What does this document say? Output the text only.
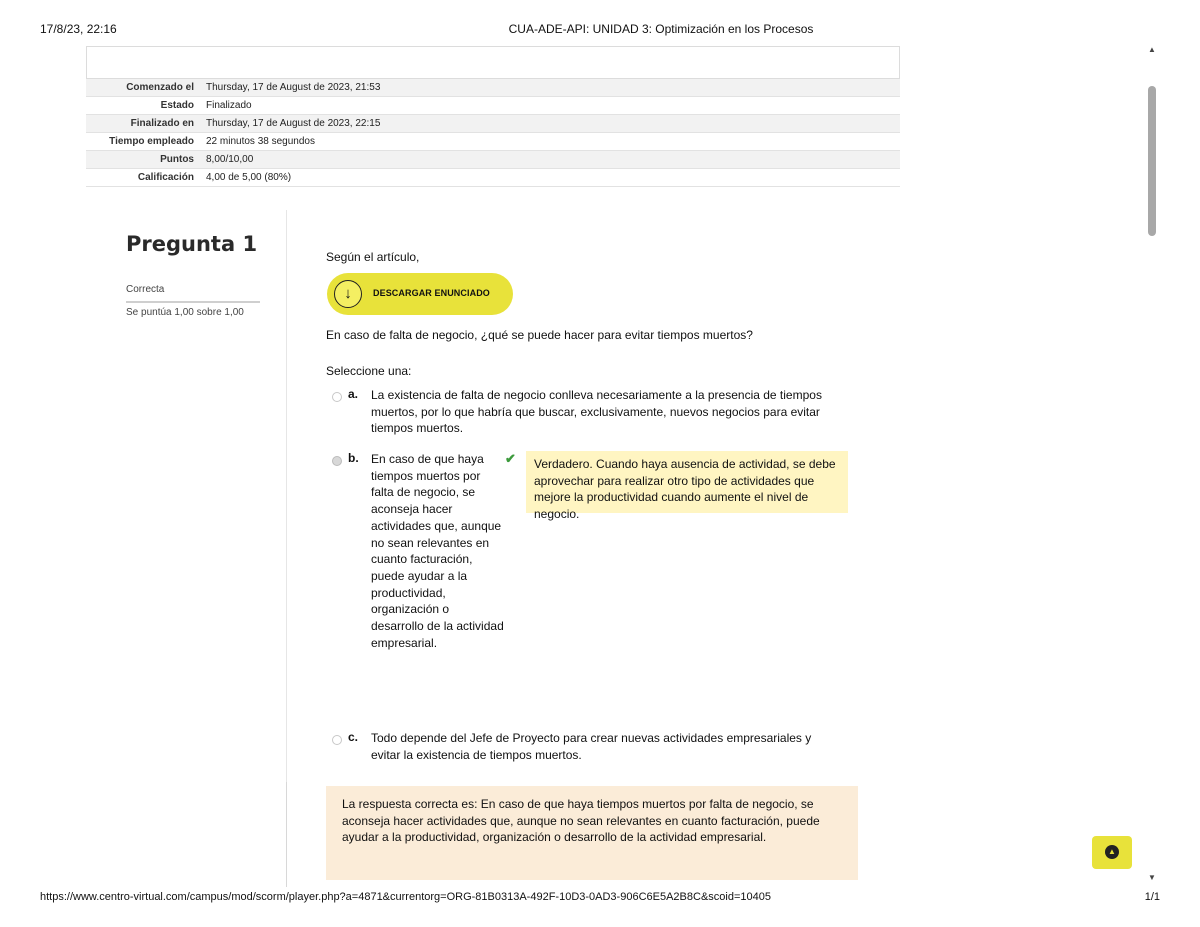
17/8/23, 22:16	CUA-ADE-API: UNIDAD 3: Optimización en los Procesos
▲
▼
Comenzado el	Thursday, 17 de August de 2023, 21:53
Estado	Finalizado
Finalizado en	Thursday, 17 de August de 2023, 22:15
Tiempo empleado	22 minutos 38 segundos
Puntos	8,00/10,00
Calificación	4,00 de 5,00 (80%)
Pregunta 1
Correcta
Se puntúa 1,00 sobre 1,00
Según el artículo,
↓	DESCARGAR ENUNCIADO
En caso de falta de negocio, ¿qué se puede hacer para evitar tiempos muertos?
Seleccione una:
a. La existencia de falta de negocio conlleva necesariamente a la presencia de tiempos muertos, por lo que habría que buscar, exclusivamente, nuevos negocios para evitar tiempos muertos.
b. En caso de que haya tiempos muertos por falta de negocio, se aconseja hacer actividades que, aunque no sean relevantes en cuanto facturación, puede ayudar a la productividad, organización o desarrollo de la actividad empresarial.
✔	Verdadero. Cuando haya ausencia de actividad, se debe aprovechar para realizar otro tipo de actividades que mejore la productividad cuando aumente el nivel de negocio.
c. Todo depende del Jefe de Proyecto para crear nuevas actividades empresariales y evitar la existencia de tiempos muertos.
La respuesta correcta es: En caso de que haya tiempos muertos por falta de negocio, se aconseja hacer actividades que, aunque no sean relevantes en cuanto facturación, puede ayudar a la productividad, organización o desarrollo de la actividad empresarial.
▲
https://www.centro-virtual.com/campus/mod/scorm/player.php?a=4871&currentorg=ORG-81B0313A-492F-10D3-0AD3-906C6E5A2B8C&scoid=10405	1/1
